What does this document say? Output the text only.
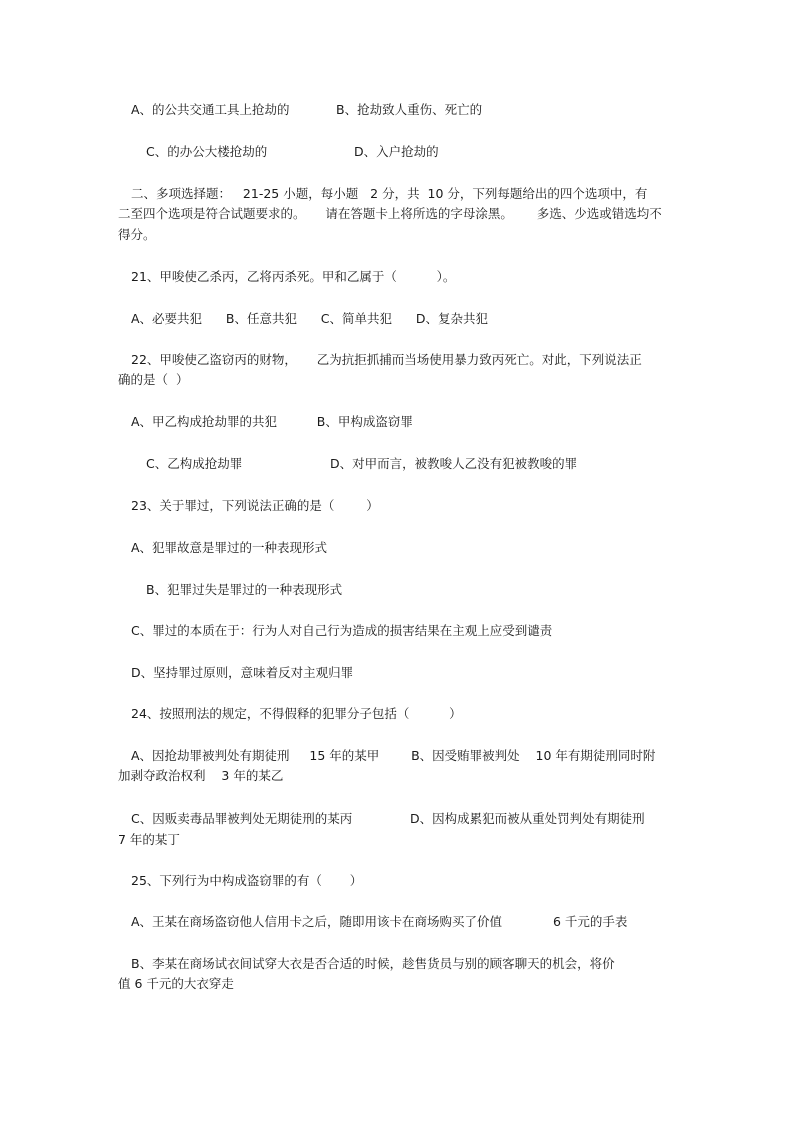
A、的公共交通工具上抢劫的	B、抢劫致人重伤、死亡的
C、的办公大楼抢劫的	D、入户抢劫的
二、多项选择题：   21-25 小题，每小题   2 分，共  10 分，下列每题给出的四个选项中，有
二至四个选项是符合试题要求的。     请在答题卡上将所选的字母涂黑。      多选、少选或错选均不
得分。
21、甲唆使乙杀丙，乙将丙杀死。甲和乙属于（          ）。
A、必要共犯      B、任意共犯      C、简单共犯      D、复杂共犯
22、甲唆使乙盗窃丙的财物，     乙为抗拒抓捕而当场使用暴力致丙死亡。对此，下列说法正
确的是（  ）
A、甲乙构成抢劫罪的共犯          B、甲构成盗窃罪
C、乙构成抢劫罪	D、对甲而言，被教唆人乙没有犯被教唆的罪
23、关于罪过，下列说法正确的是（        ）
A、犯罪故意是罪过的一种表现形式
B、犯罪过失是罪过的一种表现形式
C、罪过的本质在于：行为人对自己行为造成的损害结果在主观上应受到谴责
D、坚持罪过原则，意味着反对主观归罪
24、按照刑法的规定，不得假释的犯罪分子包括（          ）
A、因抢劫罪被判处有期徒刑     15 年的某甲        B、因受贿罪被判处    10 年有期徒刑同时附
加剥夺政治权利    3 年的某乙
C、因贩卖毒品罪被判处无期徒刑的某丙	D、因构成累犯而被从重处罚判处有期徒刑
7 年的某丁
25、下列行为中构成盗窃罪的有（       ）
A、王某在商场盗窃他人信用卡之后，随即用该卡在商场购买了价值	6 千元的手表
B、李某在商场试衣间试穿大衣是否合适的时候，趁售货员与别的顾客聊天的机会，将价
值 6 千元的大衣穿走
